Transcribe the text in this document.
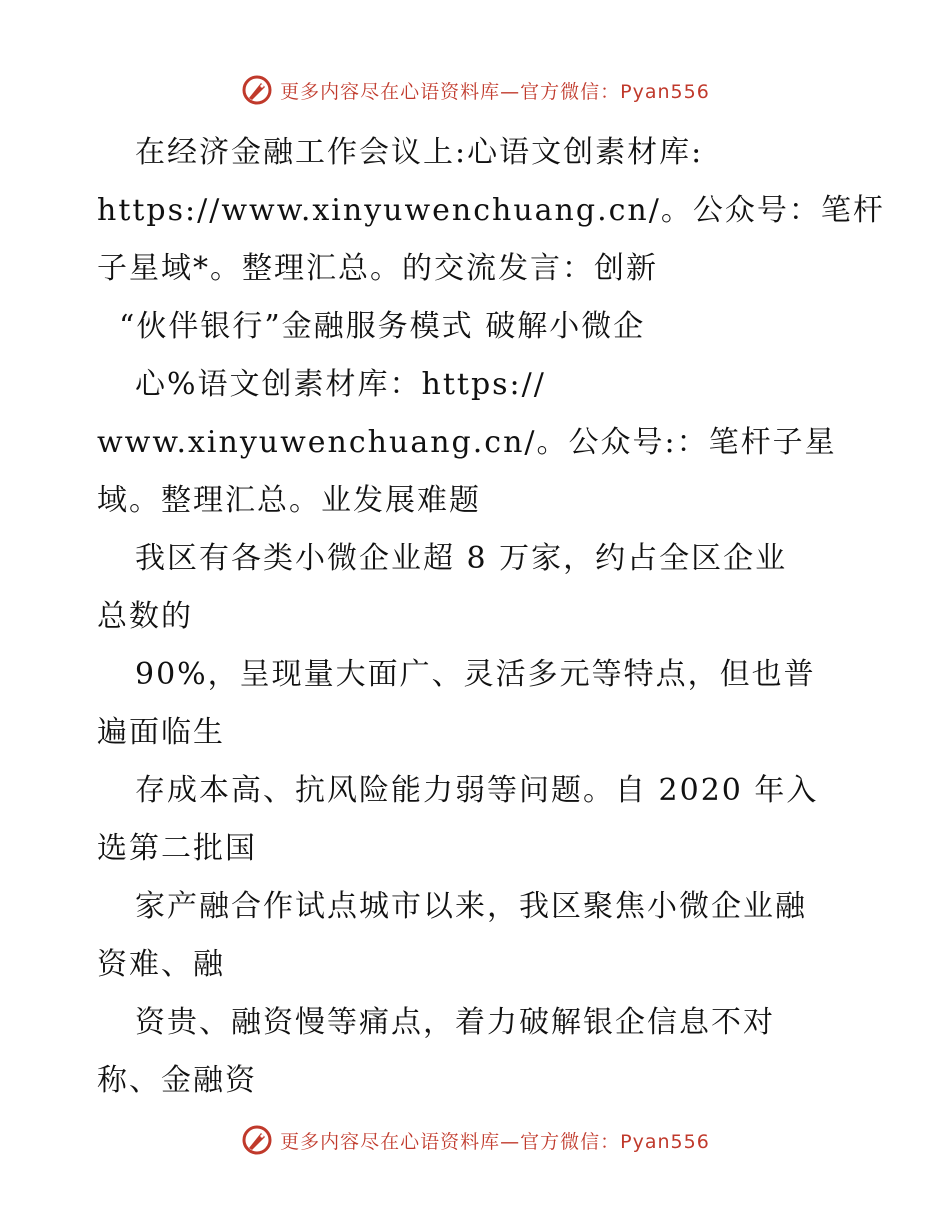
更多内容尽在心语资料库—官方微信：Pyan556
在经济金融工作会议上:心语文创素材库:
https://www.xinyuwenchuang.cn/。公众号：笔杆
子星域*。整理汇总。的交流发言：创新
“伙伴银行”金融服务模式 破解小微企
心%语文创素材库：https://
www.xinyuwenchuang.cn/。公众号:：笔杆子星
域。整理汇总。业发展难题
我区有各类小微企业超 8 万家，约占全区企业
总数的
90%，呈现量大面广、灵活多元等特点，但也普
遍面临生
存成本高、抗风险能力弱等问题。自 2020 年入
选第二批国
家产融合作试点城市以来，我区聚焦小微企业融
资难、融
资贵、融资慢等痛点，着力破解银企信息不对
称、金融资
更多内容尽在心语资料库—官方微信：Pyan556
